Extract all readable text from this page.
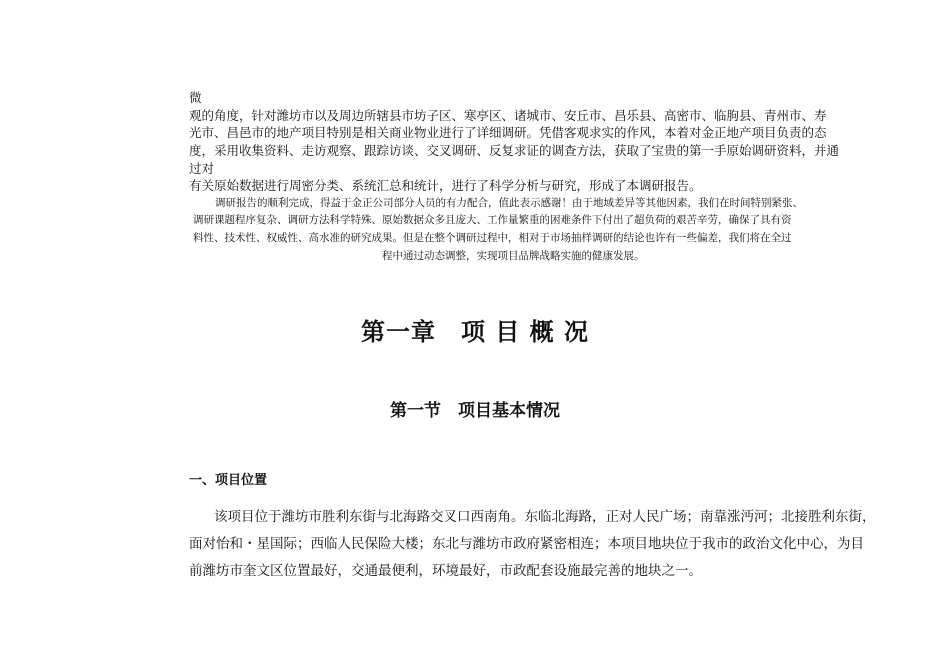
微

观的角度，针对潍坊市以及周边所辖县市坊子区、寒亭区、诸城市、安丘市、昌乐县、高密市、临朐县、青州市、寿

光市、昌邑市的地产项目特别是相关商业物业进行了详细调研。凭借客观求实的作风，本着对金正地产项目负责的态

度，采用收集资料、走访观察、跟踪访谈、交叉调研、反复求证的调查方法，获取了宝贵的第一手原始调研资料，并通

过对

有关原始数据进行周密分类、系统汇总和统计，进行了科学分析与研究，形成了本调研报告。

调研报告的顺利完成，得益于金正公司部分人员的有力配合，值此表示感谢！由于地域差异等其他因素，我们在时间特别紧张、

调研课题程序复杂、调研方法科学特殊、原始数据众多且庞大、工作量繁重的困难条件下付出了超负荷的艰苦辛劳，确保了具有资

料性、技术性、权威性、高水准的研究成果。但是在整个调研过程中，相对于市场抽样调研的结论也许有一些偏差，我们将在全过

程中通过动态调整，实现项目品牌战略实施的健康发展。

第一章　项 目 概 况
第一节　项目基本情况
一、项目位置

该项目位于潍坊市胜利东街与北海路交叉口西南角。东临北海路，正对人民广场；南靠涨沔河；北接胜利东街，

面对怡和・星国际；西临人民保险大楼；东北与潍坊市政府紧密相连；本项目地块位于我市的政治文化中心，为目

前潍坊市奎文区位置最好，交通最便利，环境最好，市政配套设施最完善的地块之一。
